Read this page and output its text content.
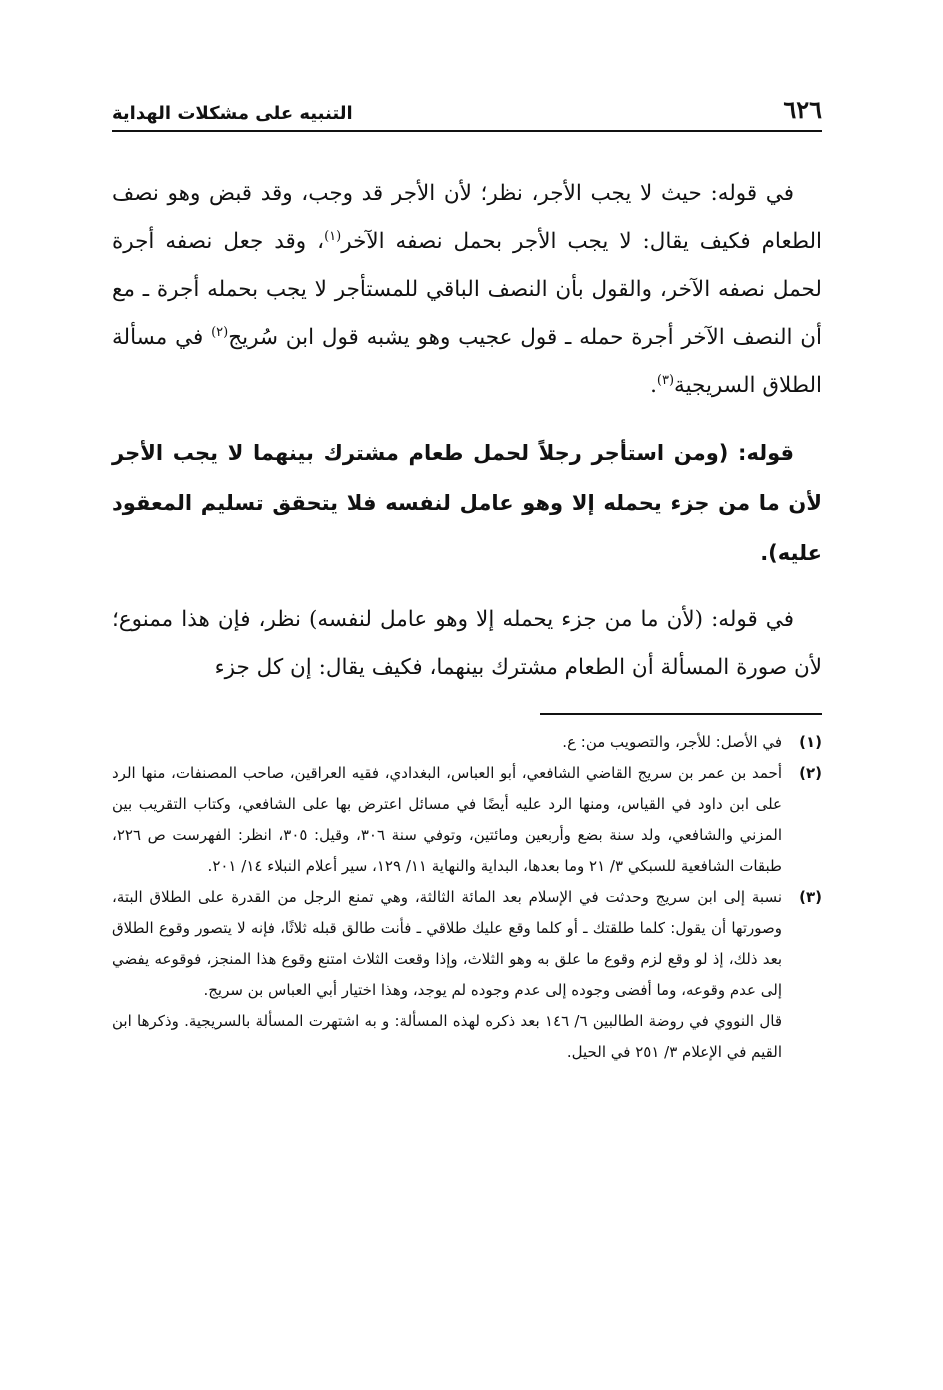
٦٢٦
التنبيه على مشكلات الهداية

في قوله: حيث لا يجب الأجر، نظر؛ لأن الأجر قد وجب، وقد قبض وهو نصف الطعام فكيف يقال: لا يجب الأجر بحمل نصفه الآخر$^{(١)}$، وقد جعل نصفه أجرة لحمل نصفه الآخر، والقول بأن النصف الباقي للمستأجر لا يجب بحمله أجرة ـ مع أن النصف الآخر أجرة حمله ـ قول عجيب وهو يشبه قول ابن سُريج$^{(٢)}$ في مسألة الطلاق السريجية$^{(٣)}$.

قوله: (ومن استأجر رجلاً لحمل طعام مشترك بينهما لا يجب الأجر لأن ما من جزء يحمله إلا وهو عامل لنفسه فلا يتحقق تسليم المعقود عليه).

في قوله: (لأن ما من جزء يحمله إلا وهو عامل لنفسه) نظر، فإن هذا ممنوع؛ لأن صورة المسألة أن الطعام مشترك بينهما، فكيف يقال: إن كل جزء

(١)
في الأصل: للأجر، والتصويب من: ع.
(٢)
أحمد بن عمر بن سريج القاضي الشافعي، أبو العباس، البغدادي، فقيه العراقين، صاحب المصنفات، منها الرد على ابن داود في القياس، ومنها الرد عليه أيضًا في مسائل اعترض بها على الشافعي، وكتاب التقريب بين المزني والشافعي، ولد سنة بضع وأربعين ومائتين، وتوفي سنة ٣٠٦، وقيل: ٣٠٥، انظر: الفهرست ص ٢٢٦، طبقات الشافعية للسبكي ٣/ ٢١ وما بعدها، البداية والنهاية ١١/ ١٢٩، سير أعلام النبلاء ١٤/ ٢٠١.
(٣)
نسبة إلى ابن سريج وحدثت في الإسلام بعد المائة الثالثة، وهي تمنع الرجل من القدرة على الطلاق البتة، وصورتها أن يقول: كلما طلقتك ـ أو كلما وقع عليك طلاقي ـ فأنت طالق قبله ثلاثًا، فإنه لا يتصور وقوع الطلاق بعد ذلك، إذ لو وقع لزم وقوع ما علق به وهو الثلاث، وإذا وقعت الثلاث امتنع وقوع هذا المنجز، فوقوعه يفضي إلى عدم وقوعه، وما أفضى وجوده إلى عدم وجوده لم يوجد، وهذا اختيار أبي العباس بن سريج.

قال النووي في روضة الطالبين ٦/ ١٤٦ بعد ذكره لهذه المسألة: و به اشتهرت المسألة بالسريجية. وذكرها ابن القيم في الإعلام ٣/ ٢٥١ في الحيل.
